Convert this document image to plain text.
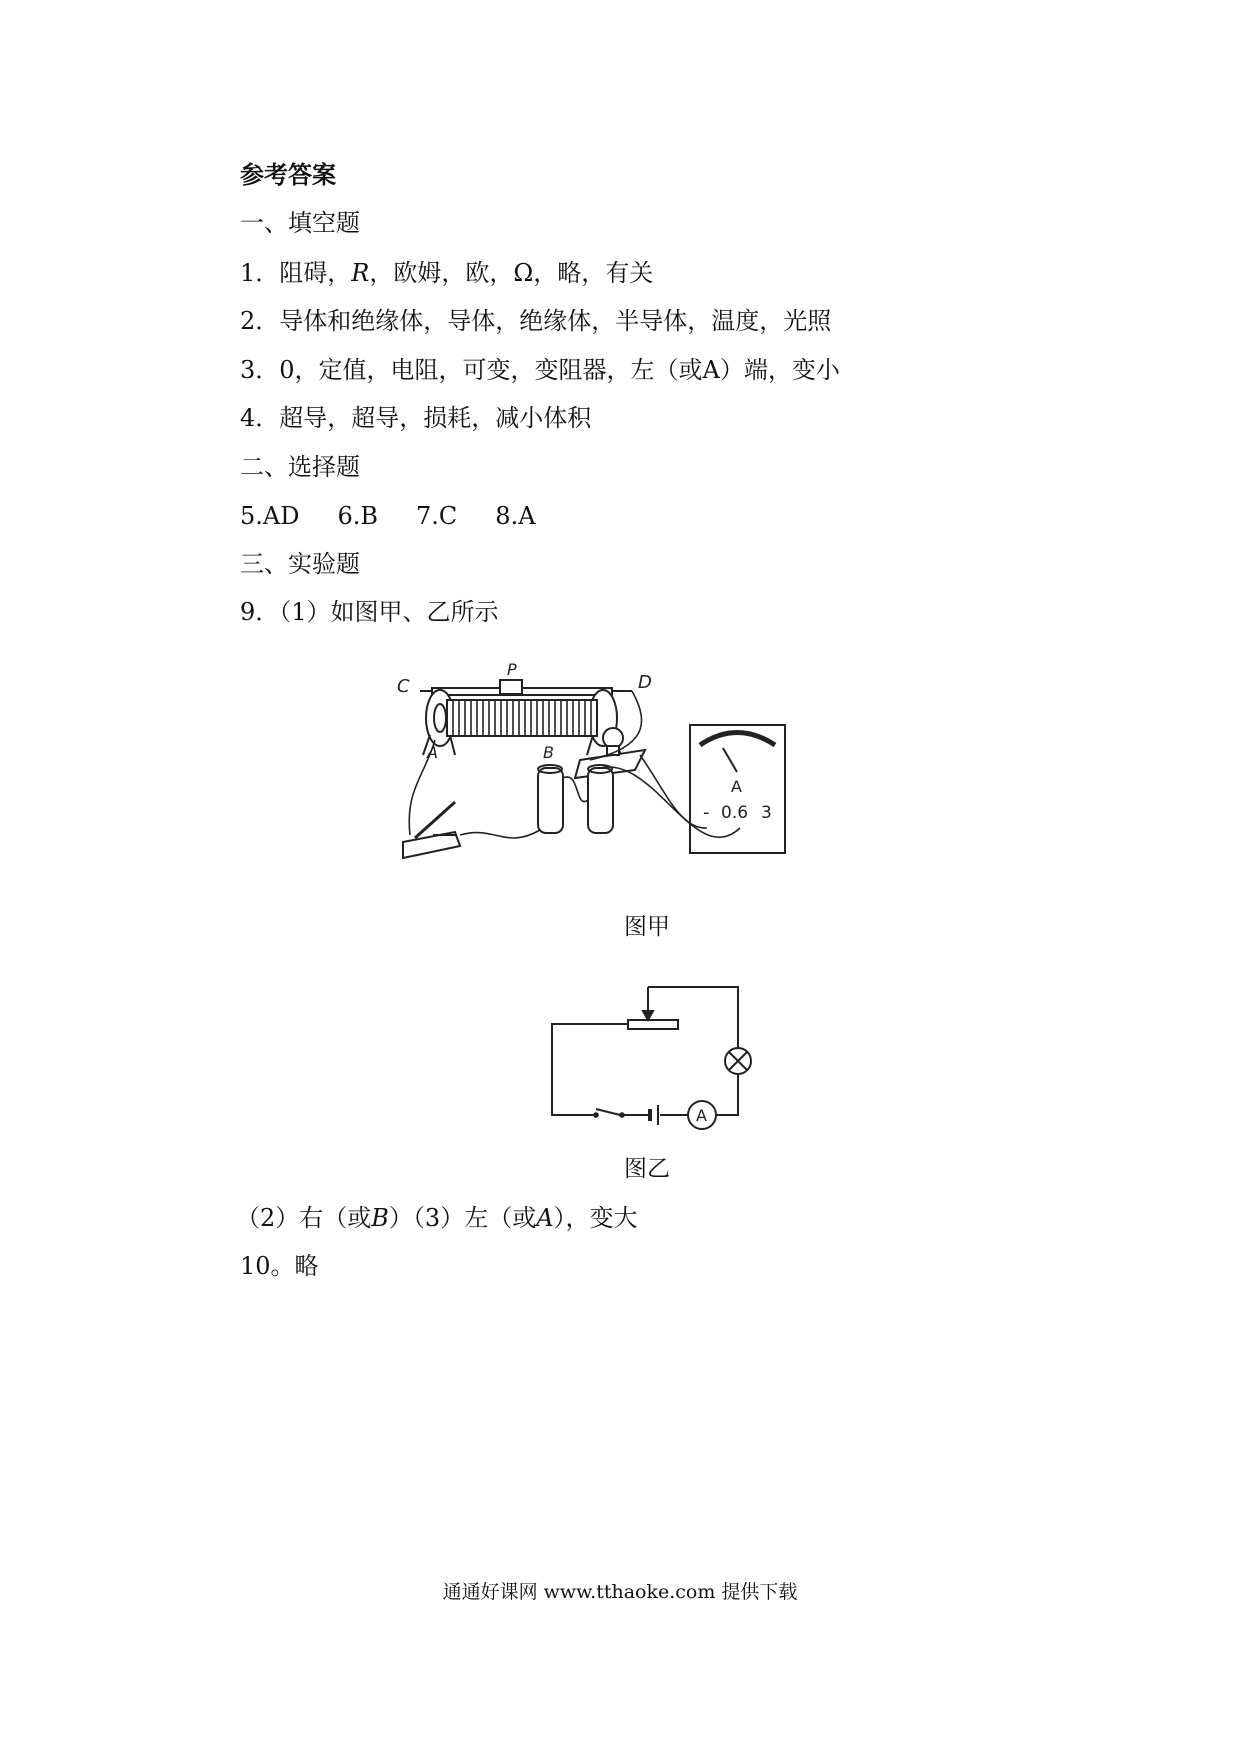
参考答案
一、填空题
1．阻碍，R，欧姆，欧，Ω，略，有关
2．导体和绝缘体，导体，绝缘体，半导体，温度，光照
3．0，定值，电阻，可变，变阻器，左（或A）端，变小
4．超导，超导，损耗，减小体积
二、选择题
5.AD 6.B 7.C 8.A
三、实验题
9．（1）如图甲、乙所示
C
P
D
A	B
A
- 0.6 3
图甲
A
图乙
（2）右（或B）（3）左（或A），变大
10。略
通通好课网 www.tthaoke.com 提供下载
